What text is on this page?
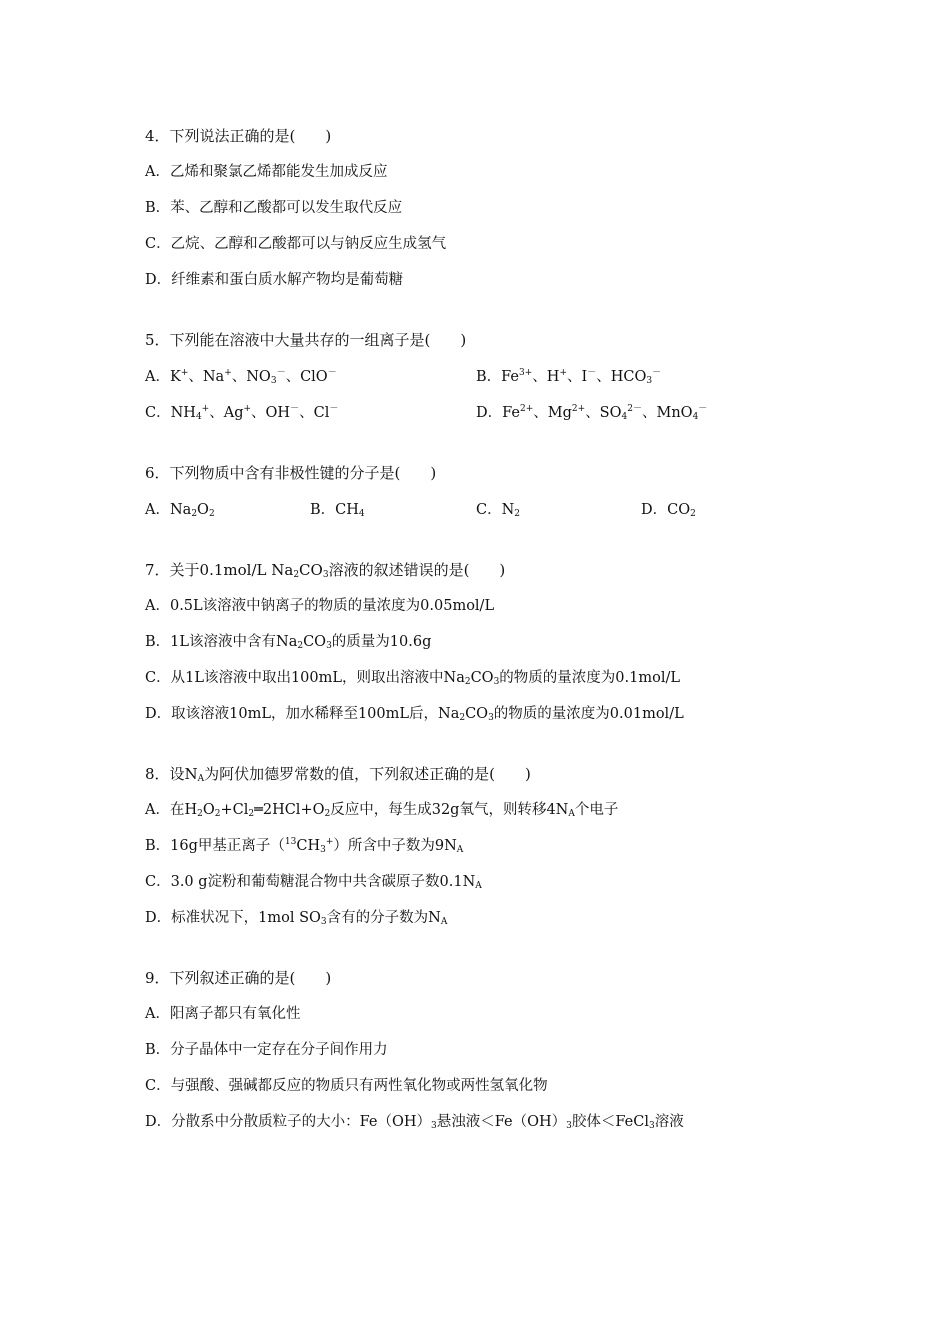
4．下列说法正确的是(　　)
A．乙烯和聚氯乙烯都能发生加成反应
B．苯、乙醇和乙酸都可以发生取代反应
C．乙烷、乙醇和乙酸都可以与钠反应生成氢气
D．纤维素和蛋白质水解产物均是葡萄糖
5．下列能在溶液中大量共存的一组离子是(　　)
A．K+、Na+、$NO_3^-$、ClO－	B．$Fe^{3+}$、H+、I－、$HCO_3^-$
C．$NH_4^+$、Ag+、OH－、Cl－	D．$Fe^{2+}$、$Mg^{2+}$、$SO_4^{2-}$、MnO$_4$－
6．下列物质中含有非极性键的分子是(　　)
A．$Na_2O_2$	B．$CH_4$	C．$N_2$	D．$CO_2$
7．关于0.1mol/L $Na_2CO_3$溶液的叙述错误的是(　　)
A．0.5L该溶液中钠离子的物质的量浓度为0.05mol/L
B．1L该溶液中含有$Na_2CO_3$的质量为10.6g
C．从1L该溶液中取出100mL，则取出溶液中$Na_2CO_3$的物质的量浓度为0.1mol/L
D．取该溶液10mL，加水稀释至100mL后，$Na_2CO_3$的物质的量浓度为0.01mol/L
8．设$N_A$为阿伏加德罗常数的值，下列叙述正确的是(　　)
A．在$H_2O_2+Cl_2═2HCl+O_2$反应中，每生成32g氧气，则转移$4N_A$个电子
B．16g甲基正离子$(^{13}CH_3^+)$所含中子数为$9N_A$
C．3.0 g淀粉和葡萄糖混合物中共含碳原子数$0.1N_A$
D．标准状况下，1mol $SO_3$含有的分子数为$N_A$
9．下列叙述正确的是(　　)
A．阳离子都只有氧化性
B．分子晶体中一定存在分子间作用力
C．与强酸、强碱都反应的物质只有两性氧化物或两性氢氧化物
D．分散系中分散质粒子的大小：$Fe(OH)_3$悬浊液$<Fe(OH)_3$胶体＜FeCl$_3$溶液
